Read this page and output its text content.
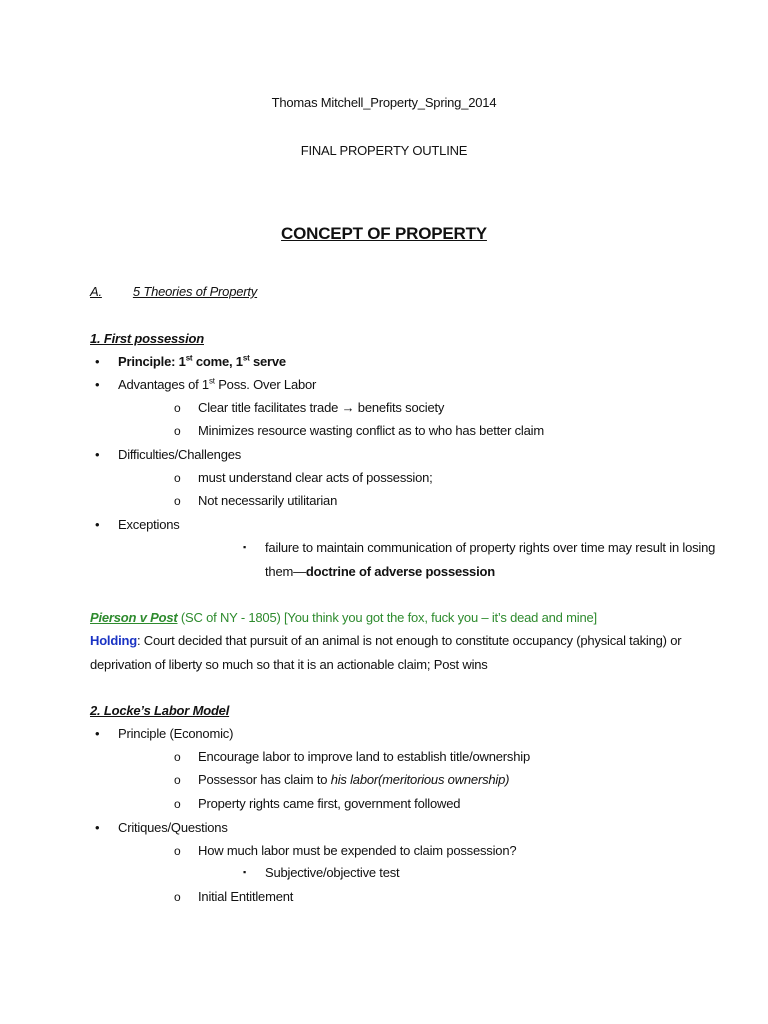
Thomas Mitchell_Property_Spring_2014
FINAL PROPERTY OUTLINE
CONCEPT OF PROPERTY
A. 5 Theories of Property
1. First possession
• Principle: 1st come, 1st serve
• Advantages of 1st Poss. Over Labor
o Clear title facilitates trade → benefits society
o Minimizes resource wasting conflict as to who has better claim
• Difficulties/Challenges
o must understand clear acts of possession;
o Not necessarily utilitarian
• Exceptions
▪ failure to maintain communication of property rights over time may result in losing
them—doctrine of adverse possession
Pierson v Post (SC of NY - 1805) [You think you got the fox, fuck you – it’s dead and mine]
Holding: Court decided that pursuit of an animal is not enough to constitute occupancy (physical taking) or
deprivation of liberty so much so that it is an actionable claim; Post wins
2. Locke’s Labor Model
• Principle (Economic)
o Encourage labor to improve land to establish title/ownership
o Possessor has claim to his labor(meritorious ownership)
o Property rights came first, government followed
• Critiques/Questions
o How much labor must be expended to claim possession?
▪ Subjective/objective test
o Initial Entitlement
